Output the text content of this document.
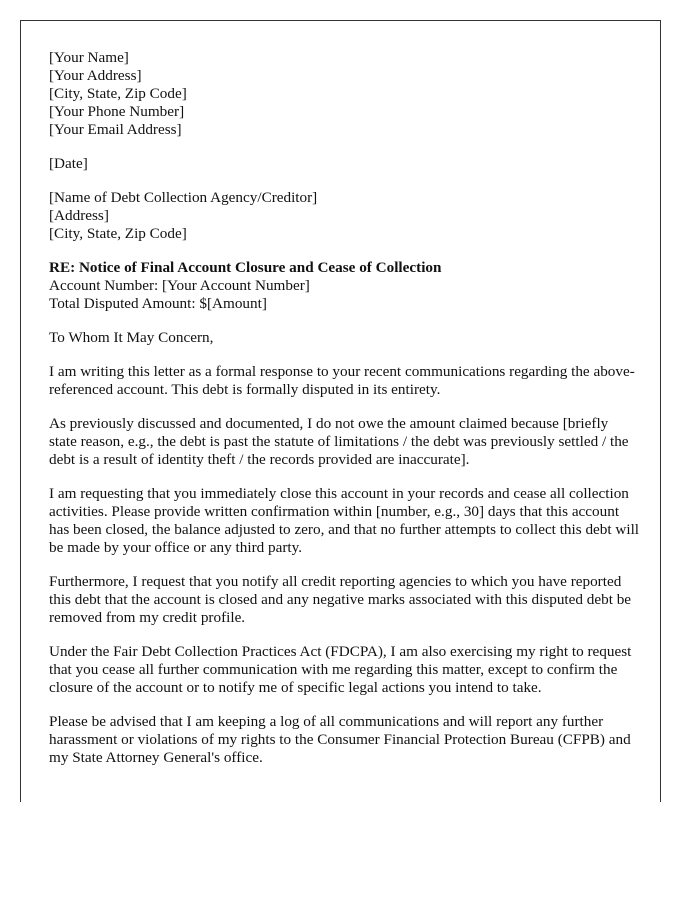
[Your Name]
[Your Address]
[City, State, Zip Code]
[Your Phone Number]
[Your Email Address]
[Date]
[Name of Debt Collection Agency/Creditor]
[Address]
[City, State, Zip Code]
RE: Notice of Final Account Closure and Cease of Collection
Account Number: [Your Account Number]
Total Disputed Amount: $[Amount]

To Whom It May Concern,

I am writing this letter as a formal response to your recent communications regarding the above-referenced account. This debt is formally disputed in its entirety.

As previously discussed and documented, I do not owe the amount claimed because [briefly state reason, e.g., the debt is past the statute of limitations / the debt was previously settled / the debt is a result of identity theft / the records provided are inaccurate].

I am requesting that you immediately close this account in your records and cease all collection activities. Please provide written confirmation within [number, e.g., 30] days that this account has been closed, the balance adjusted to zero, and that no further attempts to collect this debt will be made by your office or any third party.

Furthermore, I request that you notify all credit reporting agencies to which you have reported this debt that the account is closed and any negative marks associated with this disputed debt be removed from my credit profile.

Under the Fair Debt Collection Practices Act (FDCPA), I am also exercising my right to request that you cease all further communication with me regarding this matter, except to confirm the closure of the account or to notify me of specific legal actions you intend to take.

Please be advised that I am keeping a log of all communications and will report any further harassment or violations of my rights to the Consumer Financial Protection Bureau (CFPB) and my State Attorney General's office.
